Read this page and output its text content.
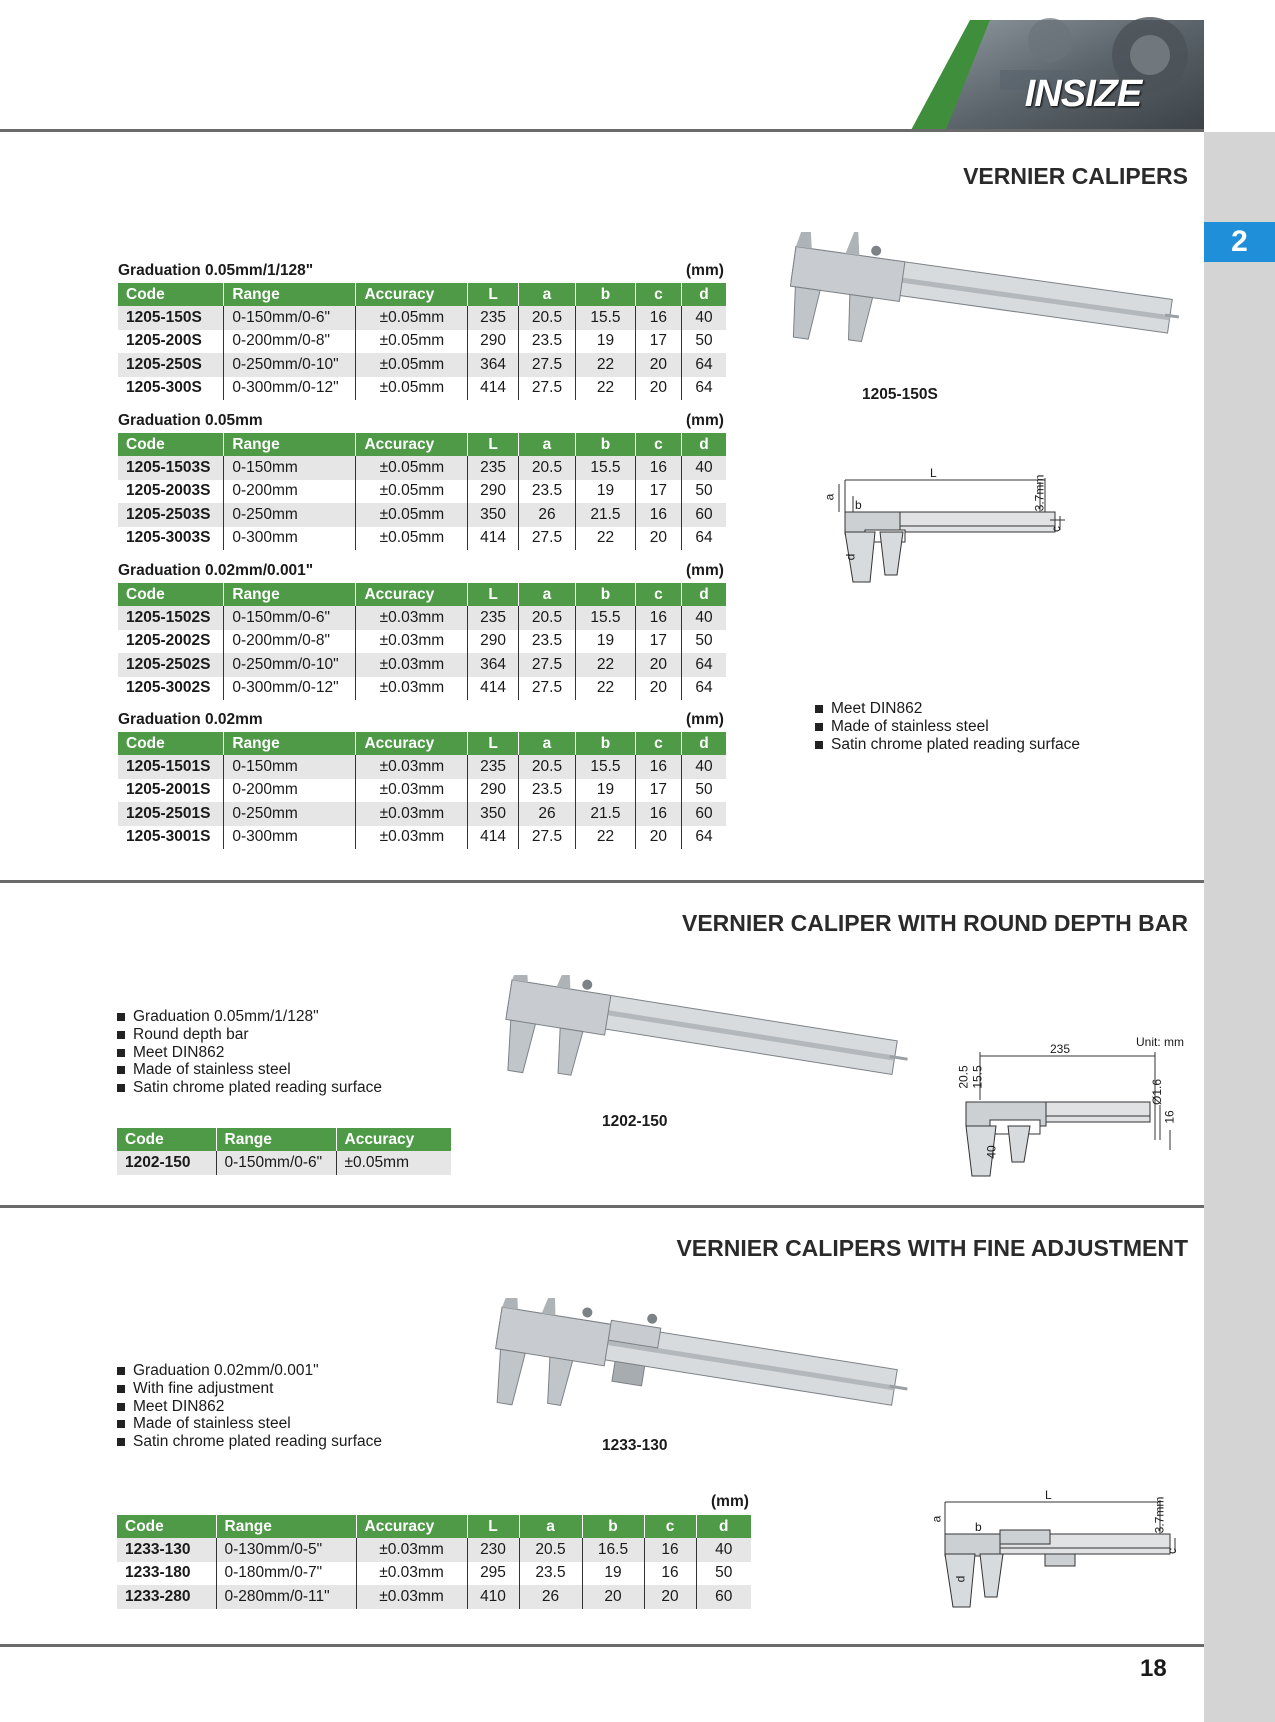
INSIZE
2
VERNIER CALIPERS
Graduation 0.05mm/1/128"	(mm)
Code	Range	Accuracy	L	a	b	c	d
1205-150S	0-150mm/0-6"	±0.05mm	235	20.5	15.5	16	40
1205-200S	0-200mm/0-8"	±0.05mm	290	23.5	19	17	50
1205-250S	0-250mm/0-10"	±0.05mm	364	27.5	22	20	64
1205-300S	0-300mm/0-12"	±0.05mm	414	27.5	22	20	64
Graduation 0.05mm	(mm)
Code	Range	Accuracy	L	a	b	c	d
1205-1503S	0-150mm	±0.05mm	235	20.5	15.5	16	40
1205-2003S	0-200mm	±0.05mm	290	23.5	19	17	50
1205-2503S	0-250mm	±0.05mm	350	26	21.5	16	60
1205-3003S	0-300mm	±0.05mm	414	27.5	22	20	64
Graduation 0.02mm/0.001"	(mm)
Code	Range	Accuracy	L	a	b	c	d
1205-1502S	0-150mm/0-6"	±0.03mm	235	20.5	15.5	16	40
1205-2002S	0-200mm/0-8"	±0.03mm	290	23.5	19	17	50
1205-2502S	0-250mm/0-10"	±0.03mm	364	27.5	22	20	64
1205-3002S	0-300mm/0-12"	±0.03mm	414	27.5	22	20	64
Graduation 0.02mm	(mm)
Code	Range	Accuracy	L	a	b	c	d
1205-1501S	0-150mm	±0.03mm	235	20.5	15.5	16	40
1205-2001S	0-200mm	±0.03mm	290	23.5	19	17	50
1205-2501S	0-250mm	±0.03mm	350	26	21.5	16	60
1205-3001S	0-300mm	±0.03mm	414	27.5	22	20	64
1205-150S
L
a
b
d
3.7mm
c
Meet DIN862
Made of stainless steel
Satin chrome plated reading surface
VERNIER CALIPER WITH ROUND DEPTH BAR
Graduation 0.05mm/1/128"
Round depth bar
Meet DIN862
Made of stainless steel
Satin chrome plated reading surface
Code	Range	Accuracy
1202-150	0-150mm/0-6"	±0.05mm
1202-150
Unit: mm
235
20.5 15.5
Ø1.6
16
40
VERNIER CALIPERS WITH FINE ADJUSTMENT
Graduation 0.02mm/0.001"
With fine adjustment
Meet DIN862
Made of stainless steel
Satin chrome plated reading surface	1233-130
(mm)
Code	Range	Accuracy	L	a	b	c	d
1233-130	0-130mm/0-5"	±0.03mm	230	20.5	16.5	16	40
1233-180	0-180mm/0-7"	±0.03mm	295	23.5	19	16	50
1233-280	0-280mm/0-11"	±0.03mm	410	26	20	20	60
L
a
b
d
3.7mm
c
18
